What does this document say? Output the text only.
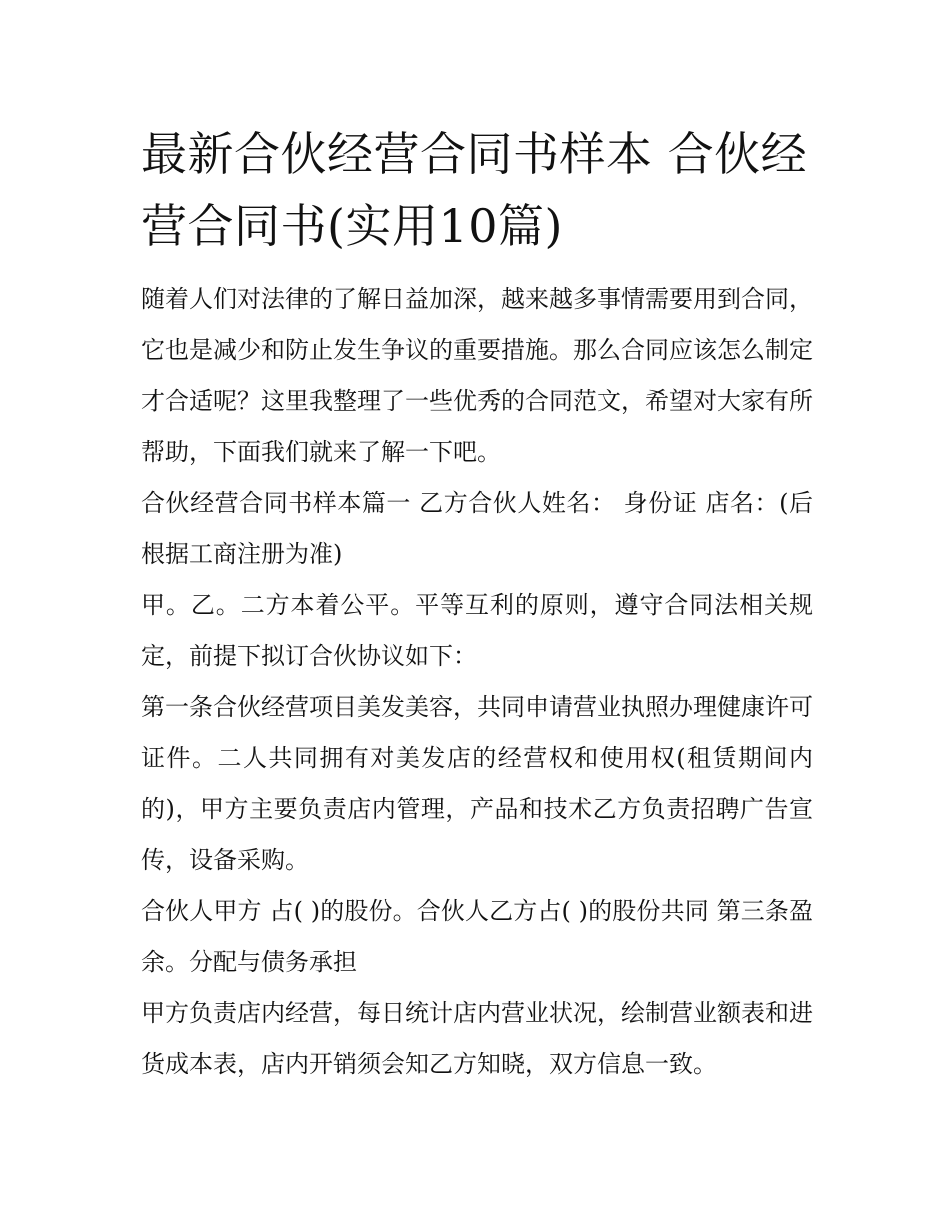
最新合伙经营合同书样本 合伙经营合同书(实用10篇)

随着人们对法律的了解日益加深，越来越多事情需要用到合同，它也是减少和防止发生争议的重要措施。那么合同应该怎么制定才合适呢？这里我整理了一些优秀的合同范文，希望对大家有所帮助，下面我们就来了解一下吧。

合伙经营合同书样本篇一 乙方合伙人姓名： 身份证 店名：(后根据工商注册为准)

甲。乙。二方本着公平。平等互利的原则，遵守合同法相关规定，前提下拟订合伙协议如下：

第一条合伙经营项目美发美容，共同申请营业执照办理健康许可证件。二人共同拥有对美发店的经营权和使用权(租赁期间内的)，甲方主要负责店内管理，产品和技术乙方负责招聘广告宣传，设备采购。

合伙人甲方 占( )的股份。合伙人乙方占( )的股份共同 第三条盈余。分配与债务承担

甲方负责店内经营，每日统计店内营业状况，绘制营业额表和进货成本表，店内开销须会知乙方知晓，双方信息一致。
